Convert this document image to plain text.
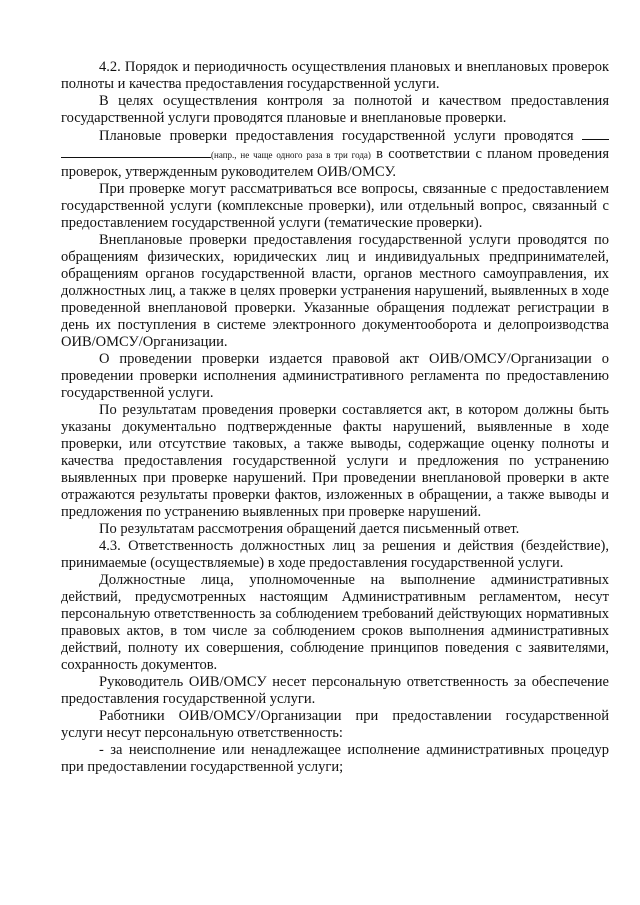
4.2. Порядок и периодичность осуществления плановых и внеплановых проверок полноты и качества предоставления государственной услуги.

В целях осуществления контроля за полнотой и качеством предоставления государственной услуги проводятся плановые и внеплановые проверки.

Плановые проверки предоставления государственной услуги проводятся  (напр., не чаще одного раза в три года) в соответствии с планом проведения проверок, утвержденным руководителем ОИВ/ОМСУ.

При проверке могут рассматриваться все вопросы, связанные с предоставлением государственной услуги (комплексные проверки), или отдельный вопрос, связанный с предоставлением государственной услуги (тематические проверки).

Внеплановые проверки предоставления государственной услуги проводятся по обращениям физических, юридических лиц и индивидуальных предпринимателей, обращениям органов государственной власти, органов местного самоуправления, их должностных лиц, а также в целях проверки устранения нарушений, выявленных в ходе проведенной внеплановой проверки. Указанные обращения подлежат регистрации в день их поступления в системе электронного документооборота и делопроизводства ОИВ/ОМСУ/Организации.

О проведении проверки издается правовой акт ОИВ/ОМСУ/Организации о проведении проверки исполнения административного регламента по предоставлению государственной услуги.

По результатам проведения проверки составляется акт, в котором должны быть указаны документально подтвержденные факты нарушений, выявленные в ходе проверки, или отсутствие таковых, а также выводы, содержащие оценку полноты и качества предоставления государственной услуги и предложения по устранению выявленных при проверке нарушений. При проведении внеплановой проверки в акте отражаются результаты проверки фактов, изложенных в обращении, а также выводы и предложения по устранению выявленных при проверке нарушений.

По результатам рассмотрения обращений дается письменный ответ.

4.3. Ответственность должностных лиц за решения и действия (бездействие), принимаемые (осуществляемые) в ходе предоставления государственной услуги.

Должностные лица, уполномоченные на выполнение административных действий, предусмотренных настоящим Административным регламентом, несут персональную ответственность за соблюдением требований действующих нормативных правовых актов, в том числе за соблюдением сроков выполнения административных действий, полноту их совершения, соблюдение принципов поведения с заявителями, сохранность документов.

Руководитель ОИВ/ОМСУ несет персональную ответственность за обеспечение предоставления государственной услуги.

Работники ОИВ/ОМСУ/Организации при предоставлении государственной услуги несут персональную ответственность:

- за неисполнение или ненадлежащее исполнение административных процедур при предоставлении государственной услуги;
